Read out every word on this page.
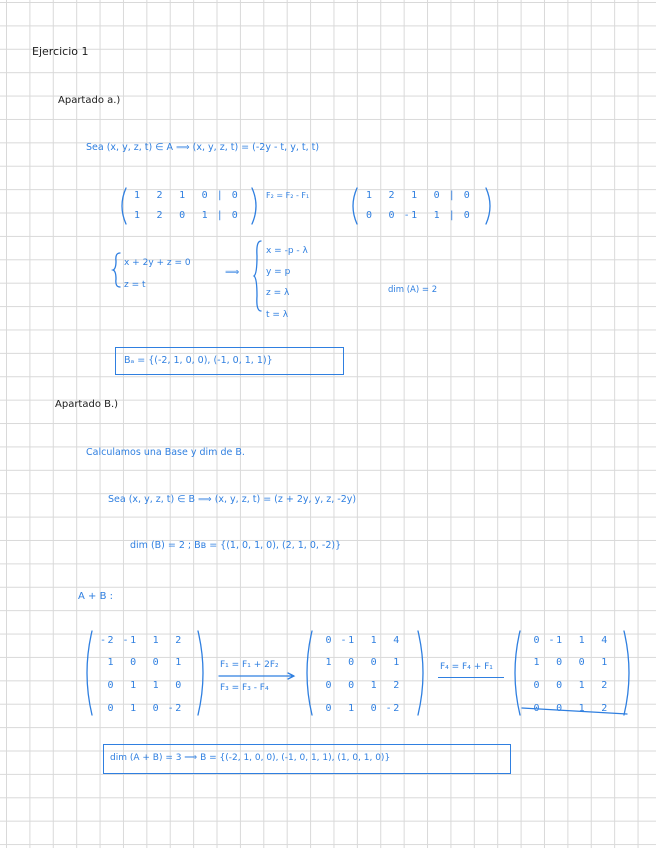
Ejercicio 1
Apartado a.)
Sea (x, y, z, t) ∈ A ⟹ (x, y, z, t) = (-2y - t, y, t, t)
1  2  1  0 | 0
1  2  0  1 | 0
F₂ = F₂ - F₁	1  2  1  0 | 0
0  0 -1  1 | 0
x + 2y + z = 0
z = t
⟹
x = -p - λ
y = p
z = λ
t = λ
dim (A) = 2
Bₐ = {(-2, 1, 0, 0), (-1, 0, 1, 1)}
Apartado B.)
Calculamos una Base y dim de B.
Sea (x, y, z, t) ∈ B ⟹ (x, y, z, t) = (z + 2y, y, z, -2y)
dim (B) = 2 ; Bʙ = {(1, 0, 1, 0), (2, 1, 0, -2)}
A + B :
-2 -1  1  2
1  0  0  1
0  1  1  0
0  1  0 -2
F₁ = F₁ + 2F₂
F₃ = F₃ - F₄
0 -1  1  4
1  0  0  1
0  0  1  2
0  1  0 -2
F₄ = F₄ + F₁
0 -1  1  4
1  0  0  1
0  0  1  2
0  0  1  2
dim (A + B) = 3 ⟹ B = {(-2, 1, 0, 0), (-1, 0, 1, 1), (1, 0, 1, 0)}
